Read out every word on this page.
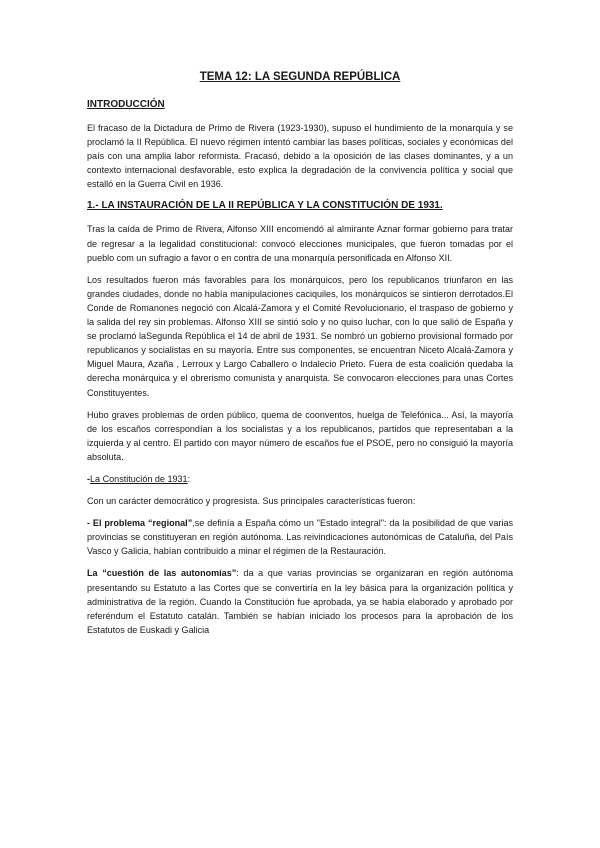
TEMA 12: LA SEGUNDA REPÚBLICA
INTRODUCCIÓN

El fracaso de la Dictadura de Primo de Rivera (1923-1930), supuso el hundimiento de la monarquía y se proclamó la II República. El nuevo régimen intentó cambiar las bases políticas, sociales y económicas del país con una amplia labor reformista. Fracasó, debido a la oposición de las clases dominantes, y a un contexto internacional desfavorable, esto explica la degradación de la convivencia política y social que estalló en la Guerra Civil en 1936.

1.- LA INSTAURACIÓN DE LA II REPÚBLICA Y LA CONSTITUCIÓN DE 1931.

Tras la caída de Primo de Rivera, Alfonso XIII encomendó al almirante Aznar formar gobierno para tratar de regresar a la legalidad constitucional: convocó elecciones municipales, que fueron tomadas por el pueblo com un sufragio a favor o en contra de una monarquía personificada en Alfonso XII.

Los resultados fueron más favorables para los monárquicos, pero los republicanos triunfaron en las grandes ciudades, donde no había manipulaciones caciquiles, los monárquicos se sintieron derrotados.El Conde de Romanones negoció con Alcalá-Zamora y el Comité Revolucionario, el traspaso de gobierno y la salida del rey sin problemas. Alfonso XIII se sintió solo y no quiso luchar, con lo que salió de España y se proclamó laSegunda República el 14 de abril de 1931. Se nombró un gobierno provisional formado por republicanos y socialistas en su mayoría. Entre sus componentes, se encuentran Niceto Alcalá-Zamora y Miguel Maura, Azaña , Lerroux y Largo Caballero o Indalecio Prieto. Fuera de esta coalición quedaba la derecha monárquica y el obrerismo comunista y anarquista. Se convocaron elecciones para unas Cortes Constituyentes.

Hubo graves problemas de orden público, quema de coonventos, huelga de Telefónica... Así, la mayoría de los escaños correspondían a los socialistas y a los republicanos, partidos que representaban a la izquierda y al centro. El partido con mayor número de escaños fue el PSOE, pero no consiguió la mayoría absoluta.

-La Constitución de 1931:

Con un carácter democrático y progresista. Sus principales características fueron:

- El problema “regional”,se definía a España cómo un "Estado integral": da la posibilidad de que varias provincias se constituyeran en región autónoma. Las reivindicaciones autonómicas de Cataluña, del País Vasco y Galicia, habían contribuido a minar el régimen de la Restauración.

La “cuestión de las autonomías”: da a que varias provincias se organizaran en región autónoma presentando su Estatuto a las Cortes que se convertiría en la ley básica para la organización política y administrativa de la región. Cuando la Constitución fue aprobada, ya se había elaborado y aprobado por referéndum el Estatuto catalán. También se habían iniciado los procesos para la aprobación de los Estatutos de Euskadi y Galicia
